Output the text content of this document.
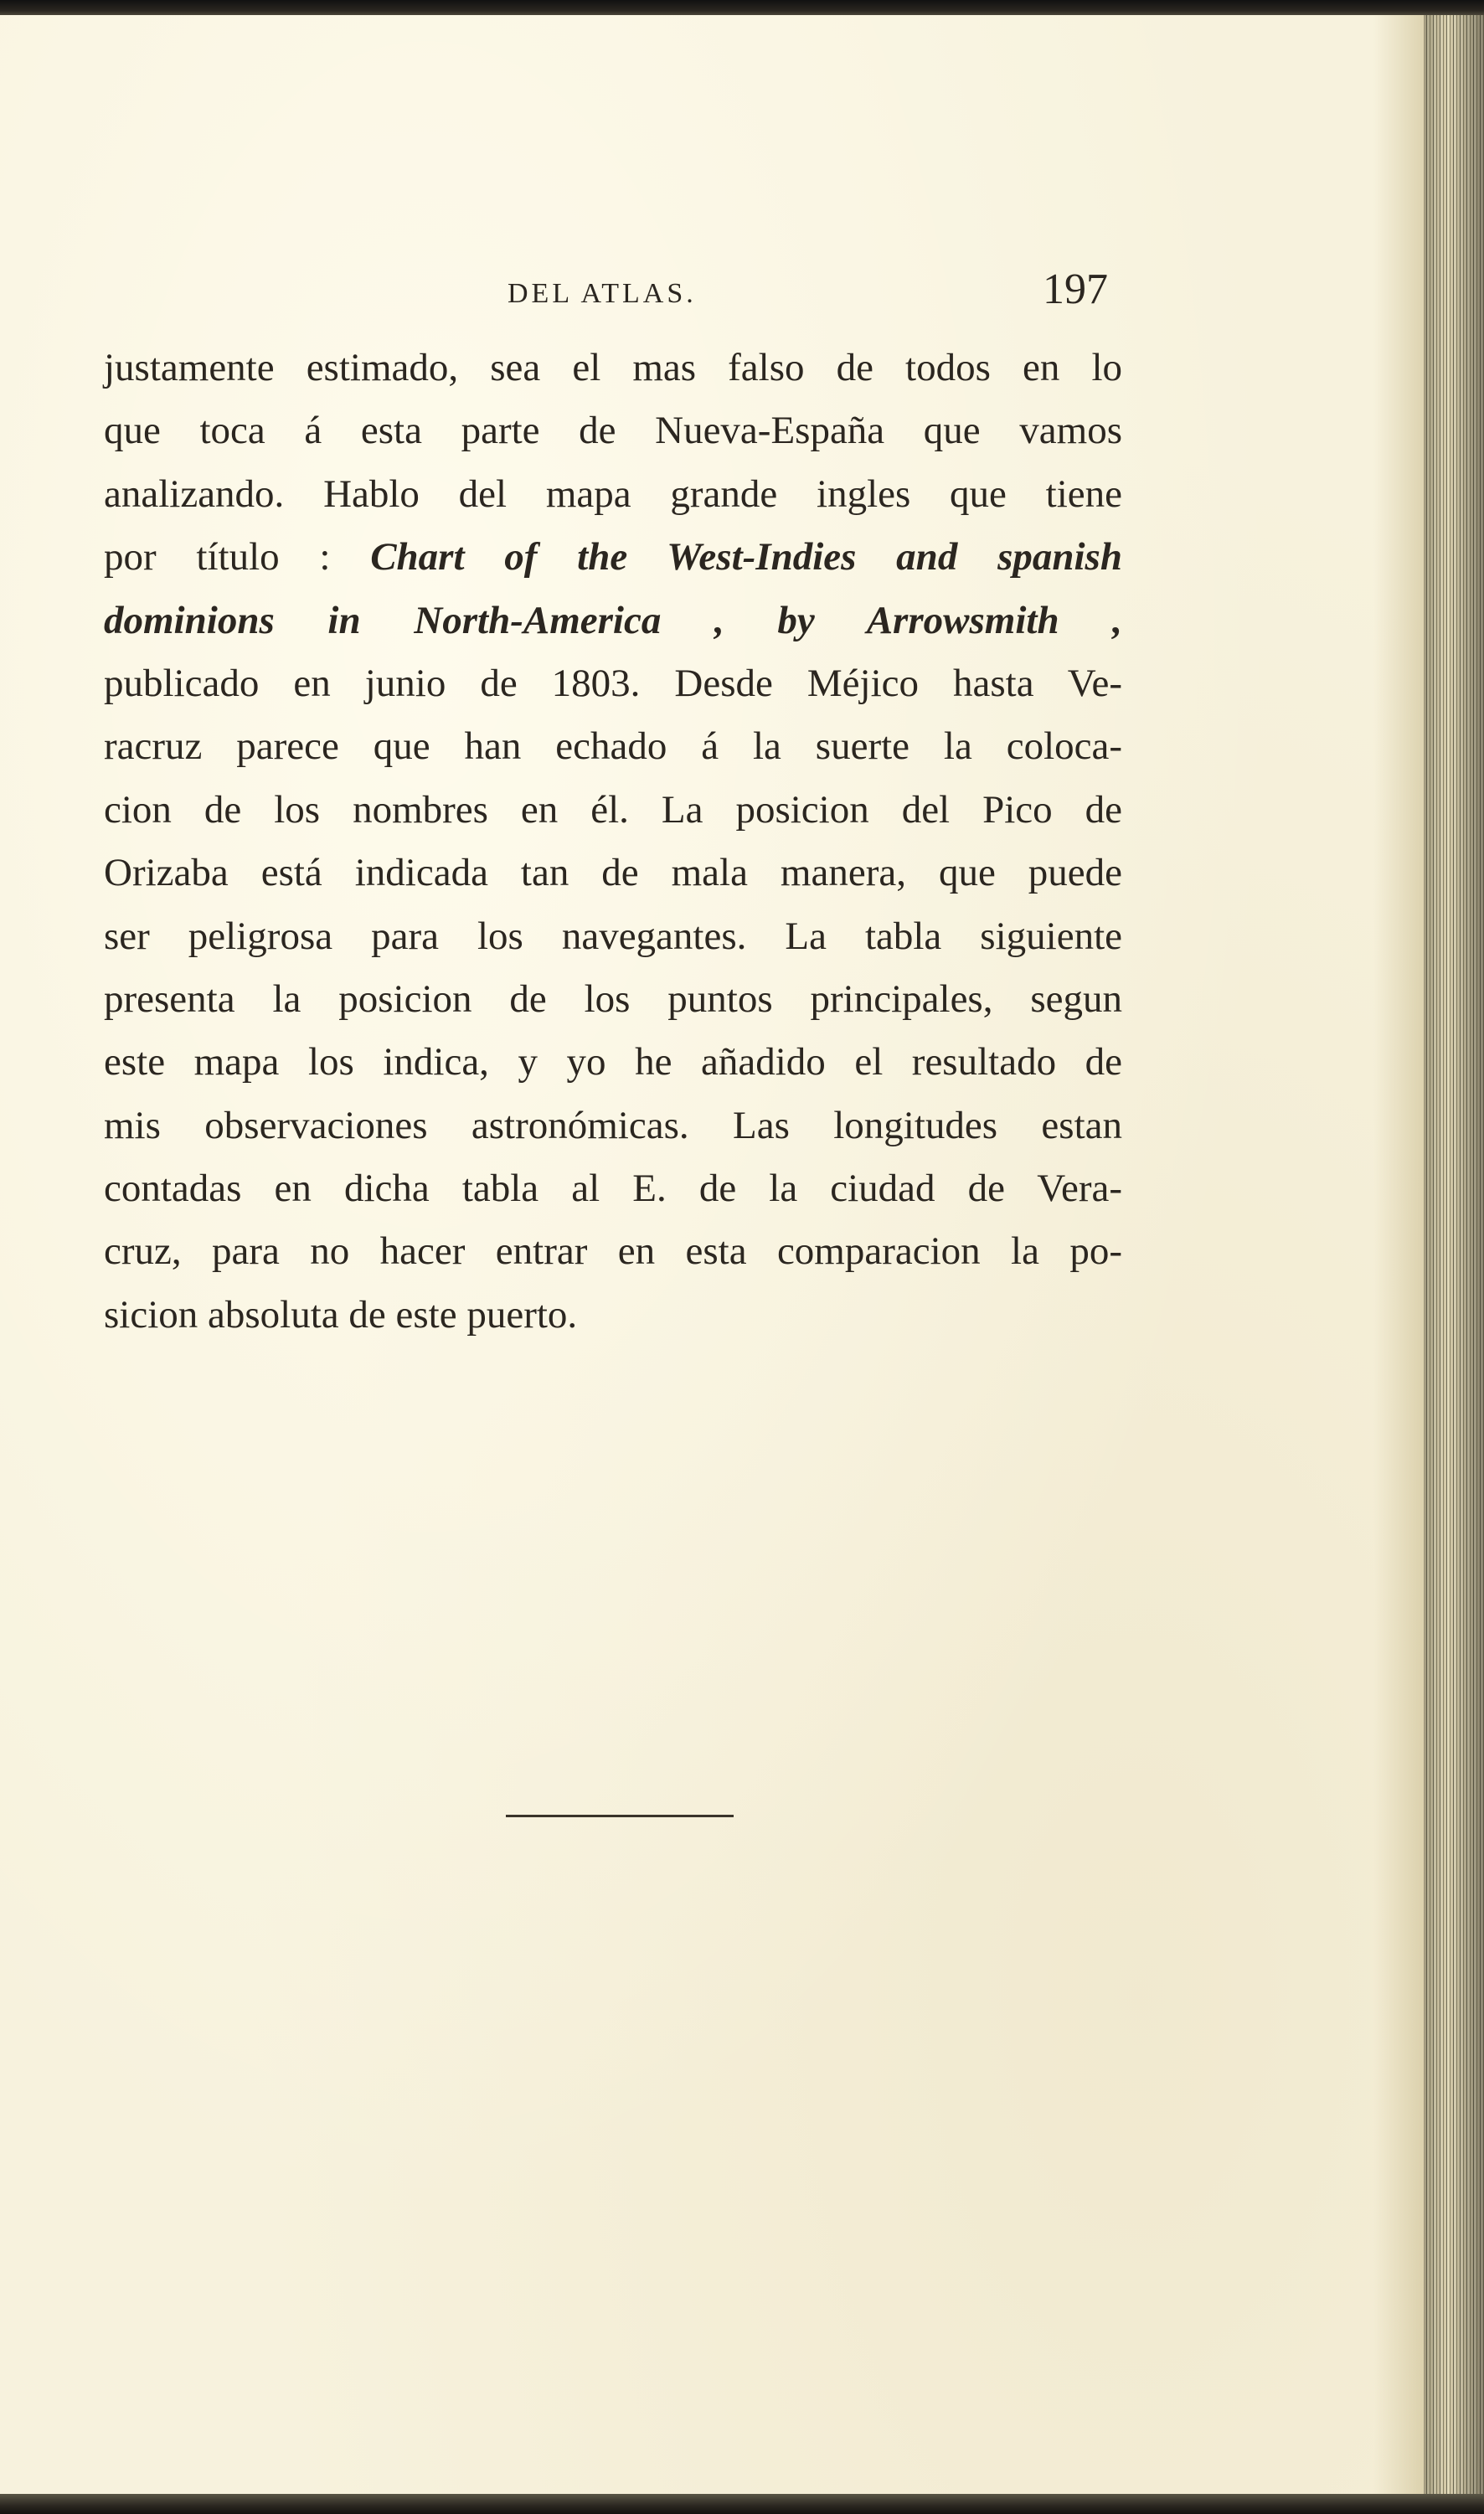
DEL ATLAS.	197
justamente estimado, sea el mas falso de todos en lo
que toca á esta parte de Nueva-España que vamos
analizando. Hablo del mapa grande ingles que tiene
por título : Chart of the West-Indies and spanish
dominions in North-America , by Arrowsmith ,
publicado en junio de 1803. Desde Méjico hasta Ve-
racruz parece que han echado á la suerte la coloca-
cion de los nombres en él. La posicion del Pico de
Orizaba está indicada tan de mala manera, que puede
ser peligrosa para los navegantes. La tabla siguiente
presenta la posicion de los puntos principales, segun
este mapa los indica, y yo he añadido el resultado de
mis observaciones astronómicas. Las longitudes estan
contadas en dicha tabla al E. de la ciudad de Vera-
cruz, para no hacer entrar en esta comparacion la po-
sicion absoluta de este puerto.
